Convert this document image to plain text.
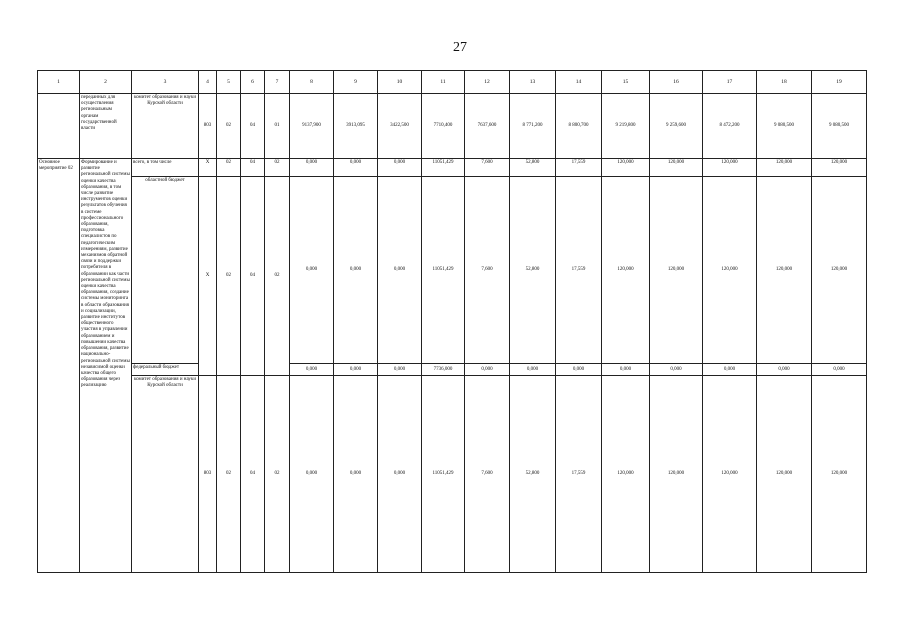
27
1	2	3	4	5	6	7	8	9	10	11	12	13	14	15	16	17	18	19
	переданных для осуществления региональным органам государственной власти	комитет образования и науки Курской области	803	02	04	01	9137,900	3913,095	3422,500	7710,400	7637,600	8 771,200	8 800,700	9 219,800	9 259,600	8 472,200	9 080,500	9 080,500
Основное мероприятие 02	Формирование и развитие региональной системы оценки качества образования, в том числе развитие инструментов оценки результатов обучения в системе профессионального образования, подготовка специалистов по педагогическим измерениям, развитие механизмов обратной связи и поддержки потребителя в образовании как части региональной системы оценки качества образования, создание системы мониторинга в области образования и социализации, развитие институтов общественного участия в управлении образованием и повышении качества образования, развитие национально-региональной системы независимой оценки качества общего образования через реализацию	всего, в том числе	Х	02	04	02	0,000	0,000	0,000	11051,429	7,600	52,800	17,559	120,000	120,000	120,000	120,000	120,000
		областной бюджет	Х	02	04	02	0,000	0,000	0,000	11051,429	7,600	52,800	17,559	120,000	120,000	120,000	120,000	120,000
		федеральный бюджет					0,000	0,000	0,000	7736,000	0,000	0,000	0,000	0,000	0,000	0,000	0,000	0,000
		комитет образования и науки Курской области	803	02	04	02	0,000	0,000	0,000	11051,429	7,600	52,800	17,559	120,000	120,000	120,000	120,000	120,000
